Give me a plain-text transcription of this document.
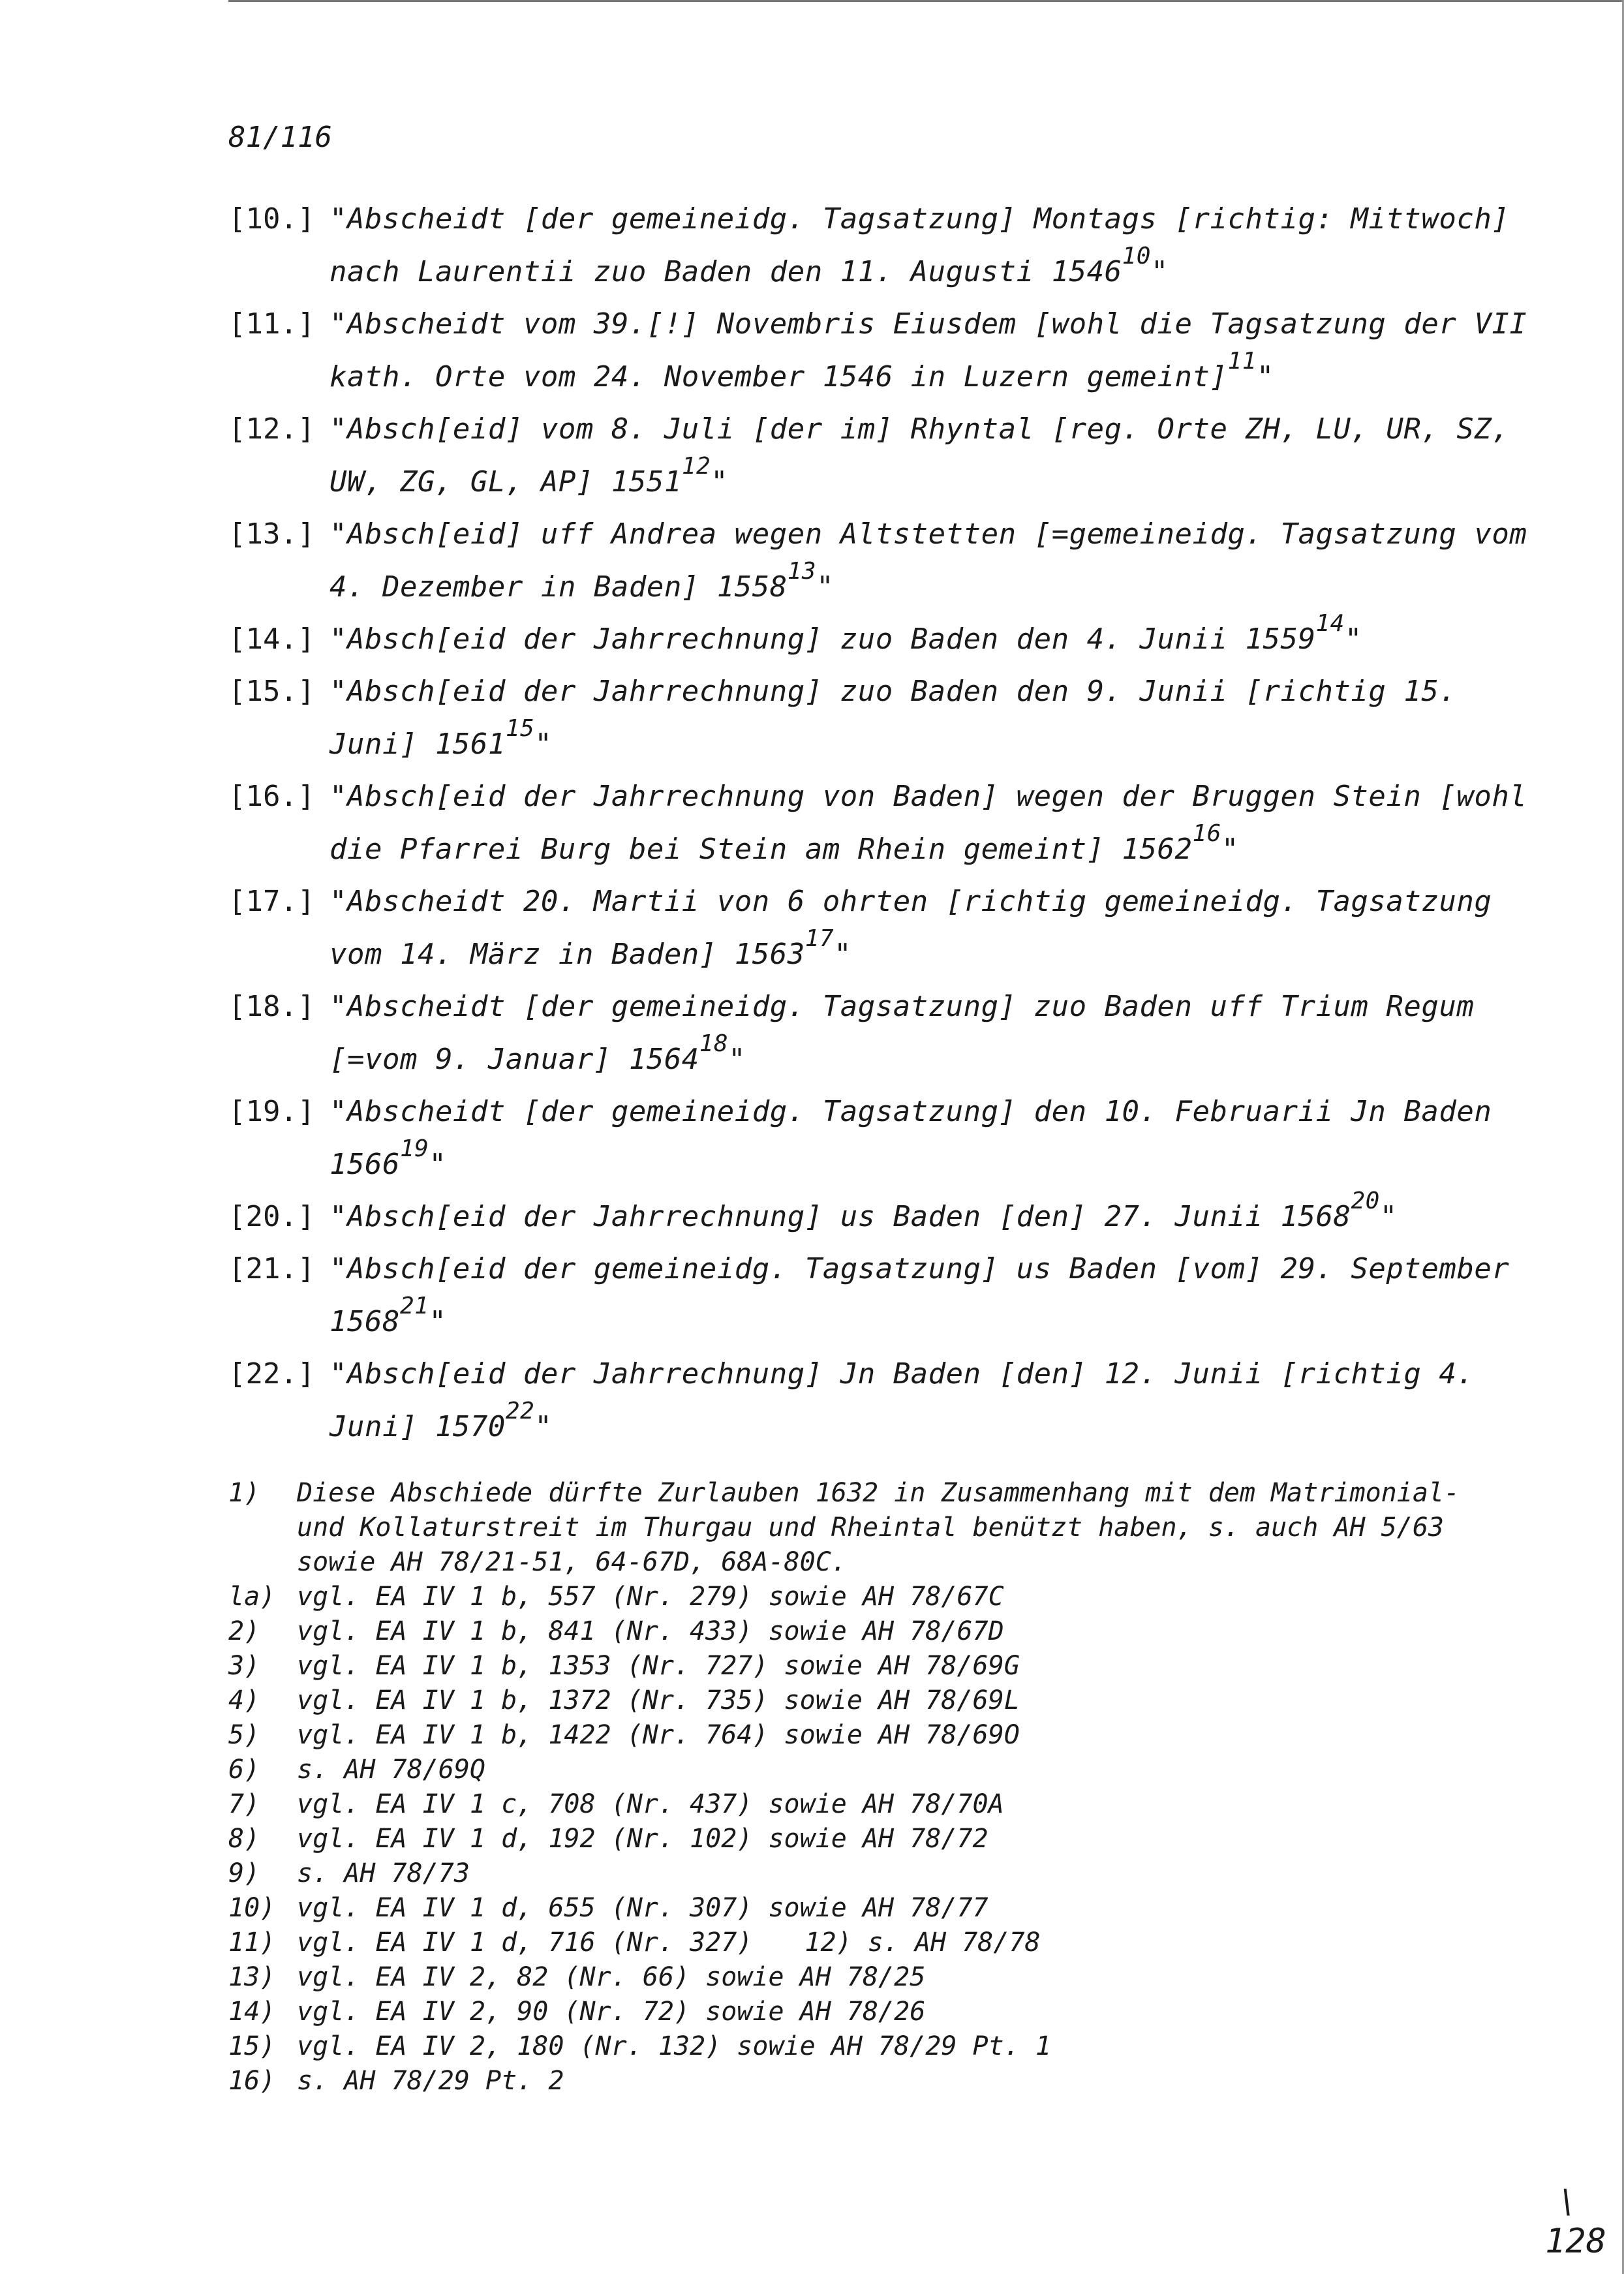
81/116
[10.] "Abscheidt [der gemeineidg. Tagsatzung] Montags [richtig: Mittwoch] nach Laurentii zuo Baden den 11. Augusti 1546$^{10}$"
[11.] "Abscheidt vom 39.[!] Novembris Eiusdem [wohl die Tagsatzung der VII kath. Orte vom 24. November 1546 in Luzern gemeint]$^{11}$"
[12.] "Absch[eid] vom 8. Juli [der im] Rhyntal [reg. Orte ZH, LU, UR, SZ, UW, ZG, GL, AP] 1551$^{12}$"
[13.] "Absch[eid] uff Andrea wegen Altstetten [=gemeineidg. Tagsatzung vom 4. Dezember in Baden] 1558$^{13}$"
[14.] "Absch[eid der Jahrrechnung] zuo Baden den 4. Junii 1559$^{14}$"
[15.] "Absch[eid der Jahrrechnung] zuo Baden den 9. Junii [richtig 15. Juni] 1561$^{15}$"
[16.] "Absch[eid der Jahrrechnung von Baden] wegen der Bruggen Stein [wohl die Pfarrei Burg bei Stein am Rhein gemeint] 1562$^{16}$"
[17.] "Abscheidt 20. Martii von 6 ohrten [richtig gemeineidg. Tagsatzung vom 14. März in Baden] 1563$^{17}$"
[18.] "Abscheidt [der gemeineidg. Tagsatzung] zuo Baden uff Trium Regum [=vom 9. Januar] 1564$^{18}$"
[19.] "Abscheidt [der gemeineidg. Tagsatzung] den 10. Februarii Jn Baden 1566$^{19}$"
[20.] "Absch[eid der Jahrrechnung] us Baden [den] 27. Junii 1568$^{20}$"
[21.] "Absch[eid der gemeineidg. Tagsatzung] us Baden [vom] 29. September 1568$^{21}$"
[22.] "Absch[eid der Jahrrechnung] Jn Baden [den] 12. Junii [richtig 4. Juni] 1570$^{22}$"
1)	Diese Abschiede dürfte Zurlauben 1632 in Zusammenhang mit dem Matrimonial-
und Kollaturstreit im Thurgau und Rheintal benützt haben, s. auch AH 5/63
sowie AH 78/21-51, 64-67D, 68A-80C.
la) vgl. EA IV 1 b, 557 (Nr. 279) sowie AH 78/67C
2)	vgl. EA IV 1 b, 841 (Nr. 433) sowie AH 78/67D
3)	vgl. EA IV 1 b, 1353 (Nr. 727) sowie AH 78/69G
4)	vgl. EA IV 1 b, 1372 (Nr. 735) sowie AH 78/69L
5)	vgl. EA IV 1 b, 1422 (Nr. 764) sowie AH 78/69O
6)	s. AH 78/69Q
7)	vgl. EA IV 1 c, 708 (Nr. 437) sowie AH 78/70A
8)	vgl. EA IV 1 d, 192 (Nr. 102) sowie AH 78/72
9)	s. AH 78/73
10) vgl. EA IV 1 d, 655 (Nr. 307) sowie AH 78/77
11) vgl. EA IV 1 d, 716 (Nr. 327) 12) s. AH 78/78
13) vgl. EA IV 2, 82 (Nr. 66) sowie AH 78/25
14) vgl. EA IV 2, 90 (Nr. 72) sowie AH 78/26
15) vgl. EA IV 2, 180 (Nr. 132) sowie AH 78/29 Pt. 1
16) s. AH 78/29 Pt. 2
\
128
